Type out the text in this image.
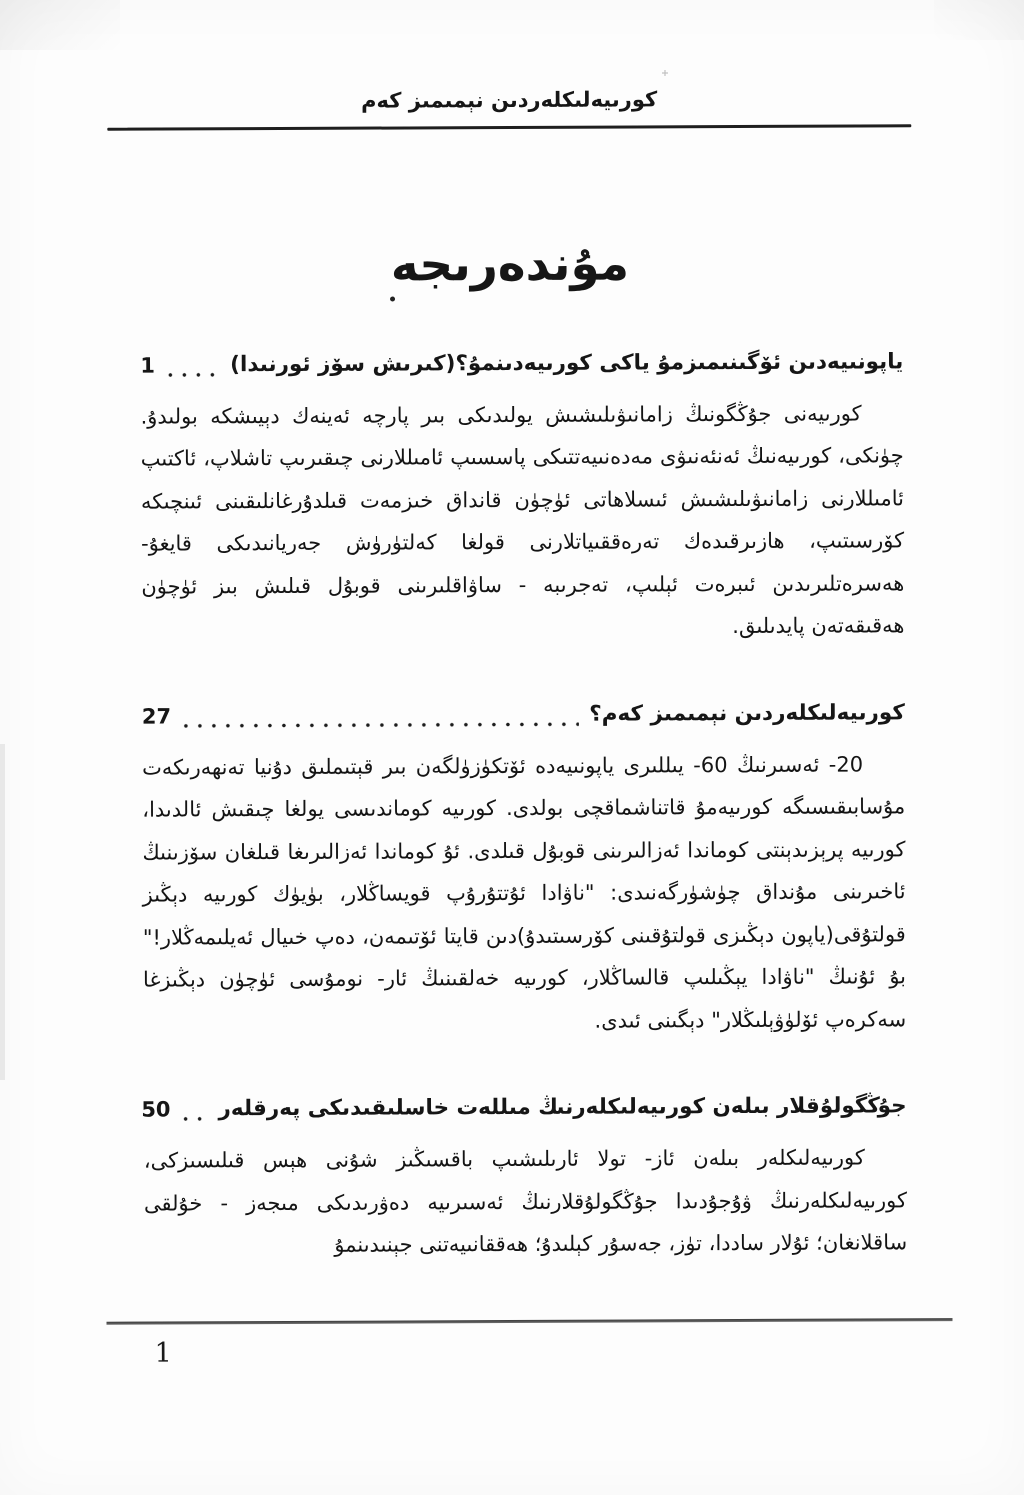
كورىيەلىكلەردىن نېمىمىز كەم
مۇندەرىجە
ياپونىيەدىن ئۆگىنىمىزمۇ ياكى كورىيەدىنمۇ؟(كىرىش سۆز ئورنىدا)
1

كورىيەنى جۇڭگونىڭ زامانىۋىلىشىش يولىدىكى بىر پارچە ئەينەك دېيىشكە بولىدۇ. چۈنكى، كورىيەنىڭ ئەنئەنىۋى مەدەنىيەتتىكى پاسسىپ ئامىللارنى چىقىرىپ تاشلاپ، ئاكتىپ ئامىللارنى زامانىۋىلىشىش ئىسلاھاتى ئۈچۈن قانداق خىزمەت قىلدۇرغانلىقىنى ئىنچىكە كۆرسىتىپ، ھازىرقىدەك تەرەققىياتلارنى قولغا كەلتۈرۈش جەريانىدىكى قايغۇ- ھەسرەتلىرىدىن ئىبرەت ئېلىپ، تەجرىبە - ساۋاقلىرىنى قوبۇل قىلىش بىز ئۈچۈن ھەقىقەتەن پايدىلىق.

كورىيەلىكلەردىن نېمىمىز كەم؟
27

20- ئەسىرنىڭ 60- يىللىرى ياپونىيەدە ئۆتكۈزۈلگەن بىر قېتىملىق دۇنيا تەنھەرىكەت مۇسابىقىسىگە كورىيەمۇ قاتناشماقچى بولدى. كورىيە كوماندىسى يولغا چىقىش ئالدىدا، كورىيە پرېزىدېنتى كوماندا ئەزالىرىنى قوبۇل قىلدى. ئۇ كوماندا ئەزالىرىغا قىلغان سۆزىنىڭ ئاخىرىنى مۇنداق چۈشۈرگەنىدى: "ناۋادا ئۇتتۇرۇپ قويساڭلار، بۈيۈك كورىيە دېڭىز قولتۇقى(ياپون دېڭىزى قولتۇقىنى كۆرسىتىدۇ)دىن قايتا ئۆتىمەن، دەپ خىيال ئەيلىمەڭلار!" بۇ ئۇنىڭ "ناۋادا يېڭىلىپ قالساڭلار، كورىيە خەلقىنىڭ ئار- نومۇسى ئۈچۈن دېڭىزغا سەكرەپ ئۆلۈۋېلىڭلار" دېگىنى ئىدى.

جۇڭگولۇقلار بىلەن كورىيەلىكلەرنىڭ مىللەت خاسلىقىدىكى پەرقلەر
50

كورىيەلىكلەر بىلەن ئاز- تولا ئارىلىشىپ باقسىڭىز شۇنى ھېس قىلىسىزكى، كورىيەلىكلەرنىڭ ۋۇجۇدىدا جۇڭگولۇقلارنىڭ ئەسىرىيە دەۋرىدىكى مىجەز - خۇلقى ساقلانغان؛ ئۇلار ساددا، تۈز، جەسۇر كېلىدۇ؛ ھەققانىيەتنى جېنىدىنمۇ

1
